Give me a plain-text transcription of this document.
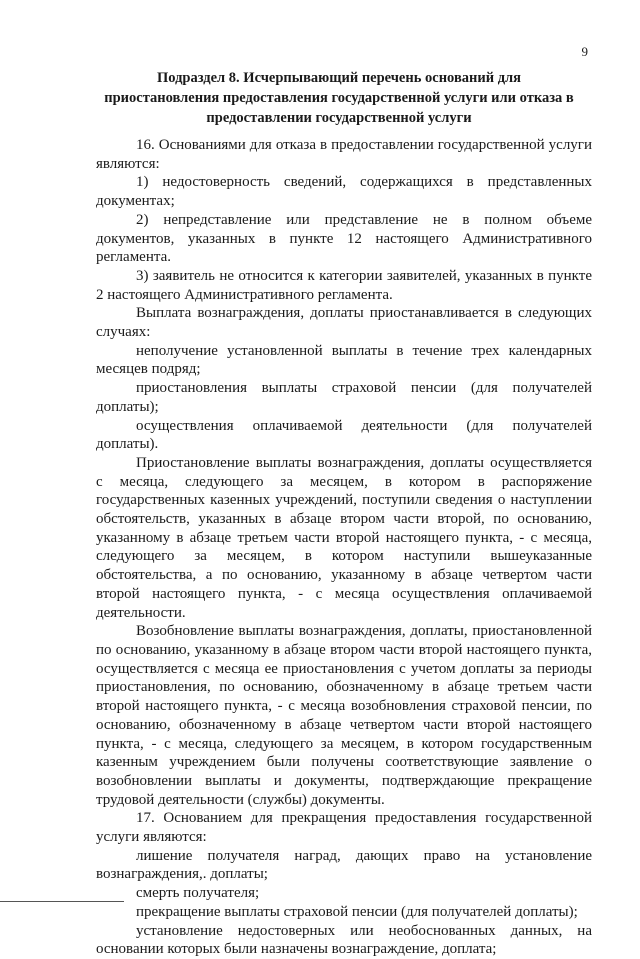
9
Подраздел 8. Исчерпывающий перечень оснований для
приостановления предоставления государственной услуги или отказа в
предоставлении государственной услуги

16. Основаниями для отказа в предоставлении государственной услуги являются:

1) недостоверность сведений, содержащихся в представленных документах;

2) непредставление или представление не в полном объеме документов, указанных в пункте 12 настоящего Административного регламента.

3) заявитель не относится к категории заявителей, указанных в пункте 2 настоящего Административного регламента.

Выплата вознаграждения, доплаты приостанавливается в следующих случаях:

неполучение установленной выплаты в течение трех календарных месяцев подряд;

приостановления выплаты страховой пенсии (для получателей доплаты);

осуществления оплачиваемой деятельности (для получателей доплаты).

Приостановление выплаты вознаграждения, доплаты осуществляется с месяца, следующего за месяцем, в котором в распоряжение государственных казенных учреждений, поступили сведения о наступлении обстоятельств, указанных в абзаце втором части второй, по основанию, указанному в абзаце третьем части второй настоящего пункта, - с месяца, следующего за месяцем, в котором наступили вышеуказанные обстоятельства, а по основанию, указанному в абзаце четвертом части второй настоящего пункта, - с месяца осуществления оплачиваемой деятельности.

Возобновление выплаты вознаграждения, доплаты, приостановленной по основанию, указанному в абзаце втором части второй настоящего пункта, осуществляется с месяца ее приостановления с учетом доплаты за периоды приостановления, по основанию, обозначенному в абзаце третьем части второй настоящего пункта, - с месяца возобновления страховой пенсии, по основанию, обозначенному в абзаце четвертом части второй настоящего пункта, - с месяца, следующего за месяцем, в котором государственным казенным учреждением были получены соответствующие заявление о возобновлении выплаты и документы, подтверждающие прекращение трудовой деятельности (службы) документы.

17. Основанием для прекращения предоставления государственной услуги являются:

лишение получателя наград, дающих право на установление вознаграждения,. доплаты;

смерть получателя;

прекращение выплаты страховой пенсии (для получателей доплаты);

установление недостоверных или необоснованных данных, на основании которых были назначены вознаграждение, доплата;
